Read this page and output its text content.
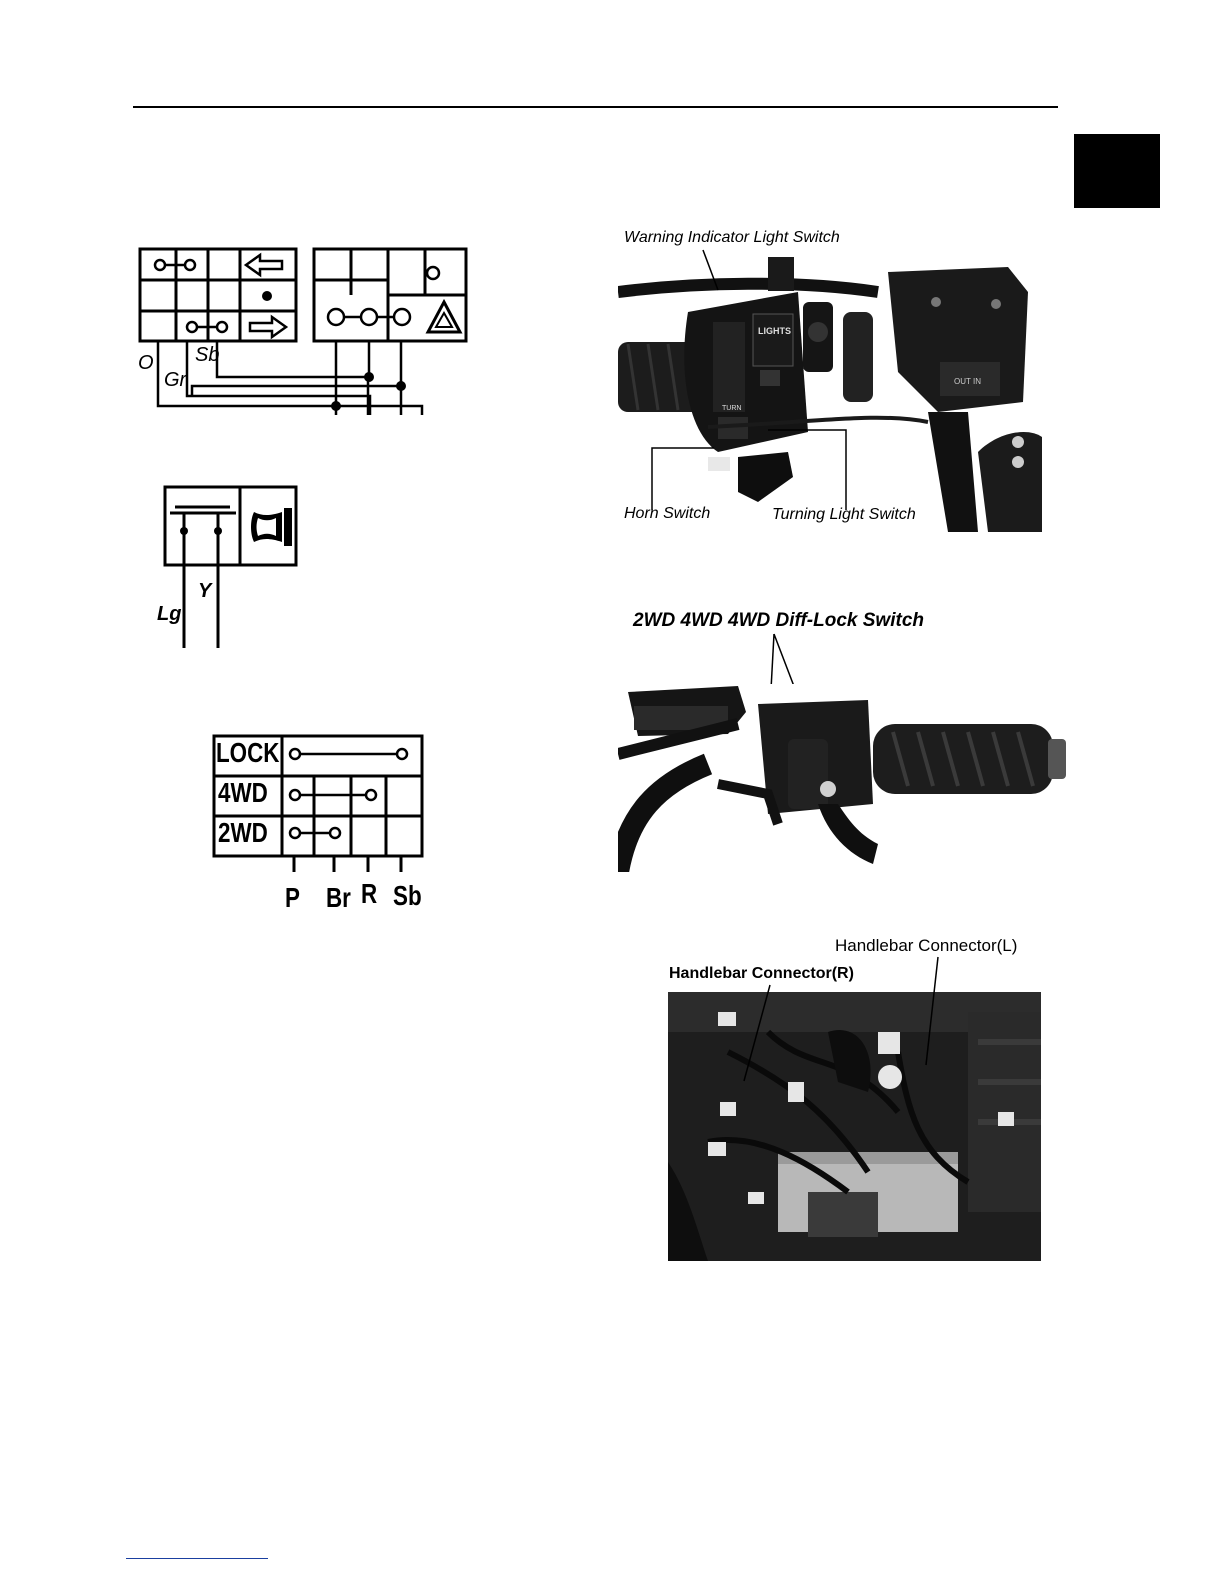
O
Gr
Sb
Lg
Y
LOCK
4WD
2WD
P Br R Sb
Warning Indicator Light Switch
LIGHTS
TURN
OUT IN
Horn Switch	Turning Light Switch
2WD 4WD 4WD Diff-Lock Switch
Handlebar Connector(L)
Handlebar Connector(R)
